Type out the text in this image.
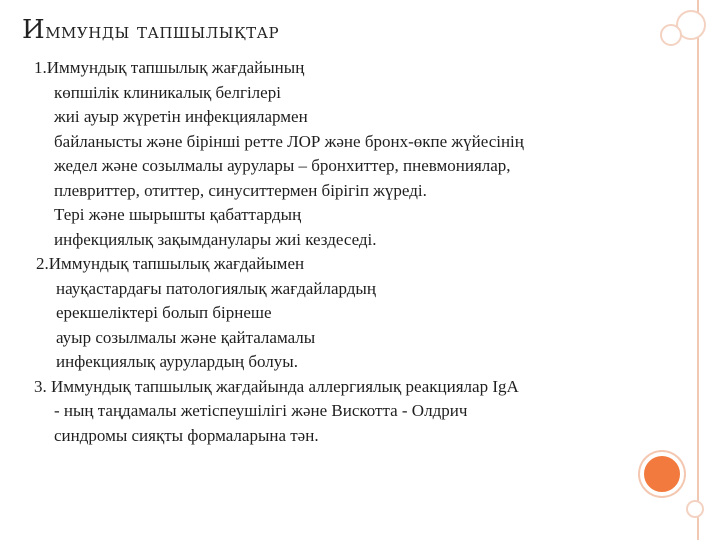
Иммунды тапшылықтар
1.Иммундық тапшылық жағдайының
көпшілік клиникалық белгілері
жиі ауыр жүретін инфекциялармен
байланысты және бірінші ретте ЛОР және бронх-өкпе жүйесінің
жедел және созылмалы аурулары – бронхиттер, пневмониялар,
плевриттер, отиттер, синуситтермен бірігіп жүреді.
Тері және шырышты қабаттардың
инфекциялық зақымданулары жиі кездеседі.
2.Иммундық тапшылық жағдайымен
науқастардағы патологиялық жағдайлардың
ерекшеліктері болып бірнеше
ауыр созылмалы және қайталамалы
инфекциялық аурулардың болуы.
3. Иммундық тапшылық жағдайында аллергиялық реакциялар IgA
- ның таңдамалы жетіспеушілігі және Вискотта - Олдрич
синдромы сияқты формаларына тән.
